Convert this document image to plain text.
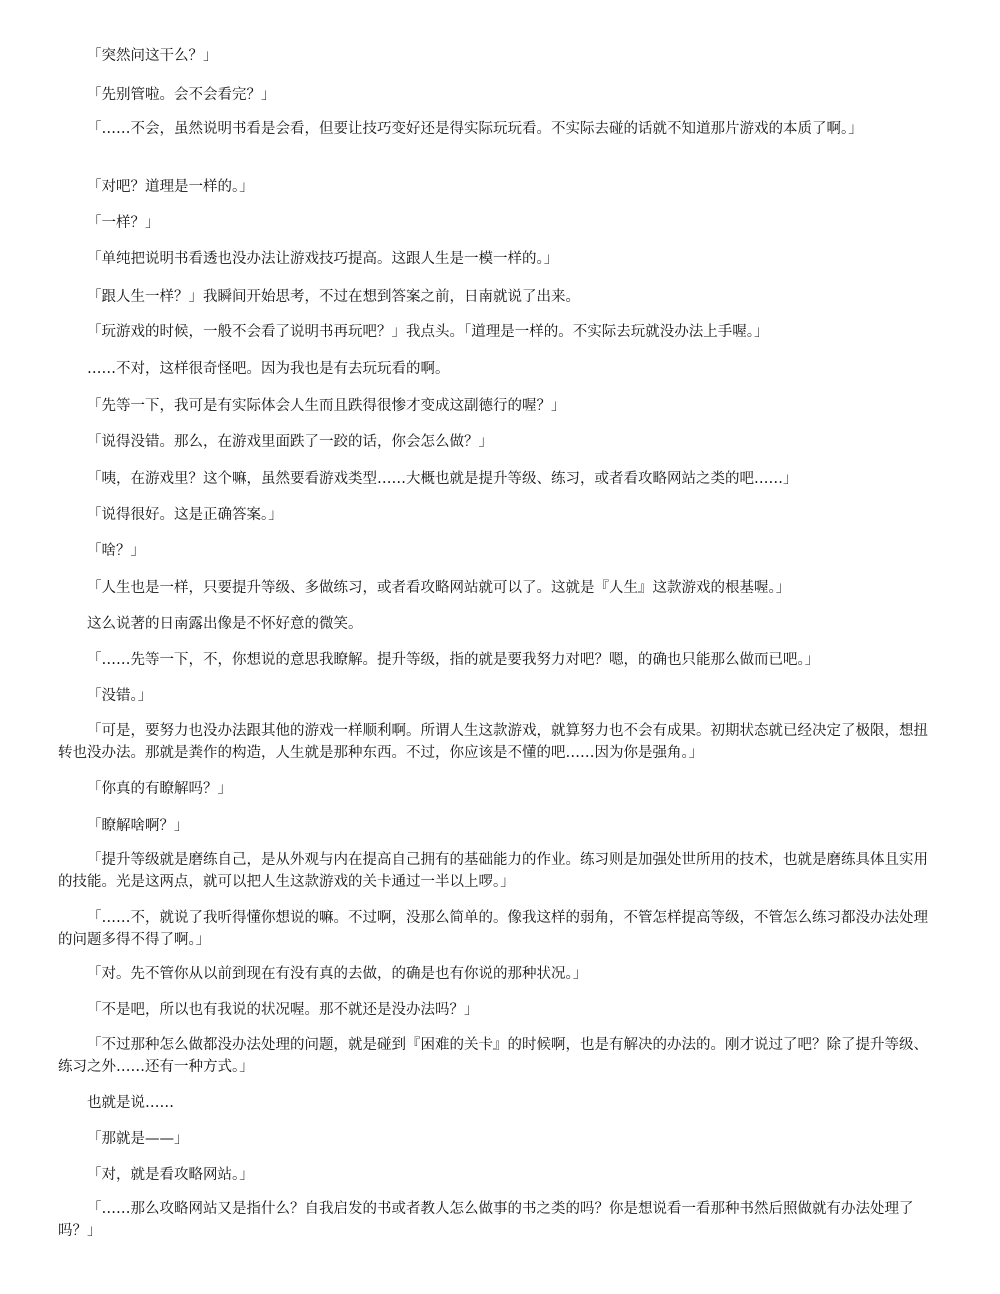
「突然问这干么？」

「先别管啦。会不会看完？」

「……不会，虽然说明书看是会看，但要让技巧变好还是得实际玩玩看。不实际去碰的话就不知道那片游戏的本质了啊。」

「对吧？道理是一样的。」

「一样？」

「单纯把说明书看透也没办法让游戏技巧提高。这跟人生是一模一样的。」

「跟人生一样？」我瞬间开始思考，不过在想到答案之前，日南就说了出来。

「玩游戏的时候，一般不会看了说明书再玩吧？」我点头。「道理是一样的。不实际去玩就没办法上手喔。」

……不对，这样很奇怪吧。因为我也是有去玩玩看的啊。

「先等一下，我可是有实际体会人生而且跌得很惨才变成这副德行的喔？」

「说得没错。那么，在游戏里面跌了一跤的话，你会怎么做？」

「咦，在游戏里？这个嘛，虽然要看游戏类型……大概也就是提升等级、练习，或者看攻略网站之类的吧……」

「说得很好。这是正确答案。」

「啥？」

「人生也是一样，只要提升等级、多做练习，或者看攻略网站就可以了。这就是『人生』这款游戏的根基喔。」

这么说著的日南露出像是不怀好意的微笑。

「……先等一下，不，你想说的意思我瞭解。提升等级，指的就是要我努力对吧？嗯，的确也只能那么做而已吧。」

「没错。」

「可是，要努力也没办法跟其他的游戏一样顺利啊。所谓人生这款游戏，就算努力也不会有成果。初期状态就已经决定了极限，想扭转也没办法。那就是粪作的构造，人生就是那种东西。不过，你应该是不懂的吧……因为你是强角。」

「你真的有瞭解吗？」

「瞭解啥啊？」

「提升等级就是磨练自己，是从外观与内在提高自己拥有的基础能力的作业。练习则是加强处世所用的技术，也就是磨练具体且实用的技能。光是这两点，就可以把人生这款游戏的关卡通过一半以上啰。」

「……不，就说了我听得懂你想说的嘛。不过啊，没那么简单的。像我这样的弱角，不管怎样提高等级，不管怎么练习都没办法处理的问题多得不得了啊。」

「对。先不管你从以前到现在有没有真的去做，的确是也有你说的那种状况。」

「不是吧，所以也有我说的状况喔。那不就还是没办法吗？」

「不过那种怎么做都没办法处理的问题，就是碰到『困难的关卡』的时候啊，也是有解决的办法的。刚才说过了吧？除了提升等级、练习之外……还有一种方式。」

也就是说……

「那就是——」

「对，就是看攻略网站。」

「……那么攻略网站又是指什么？自我启发的书或者教人怎么做事的书之类的吗？你是想说看一看那种书然后照做就有办法处理了吗？」
